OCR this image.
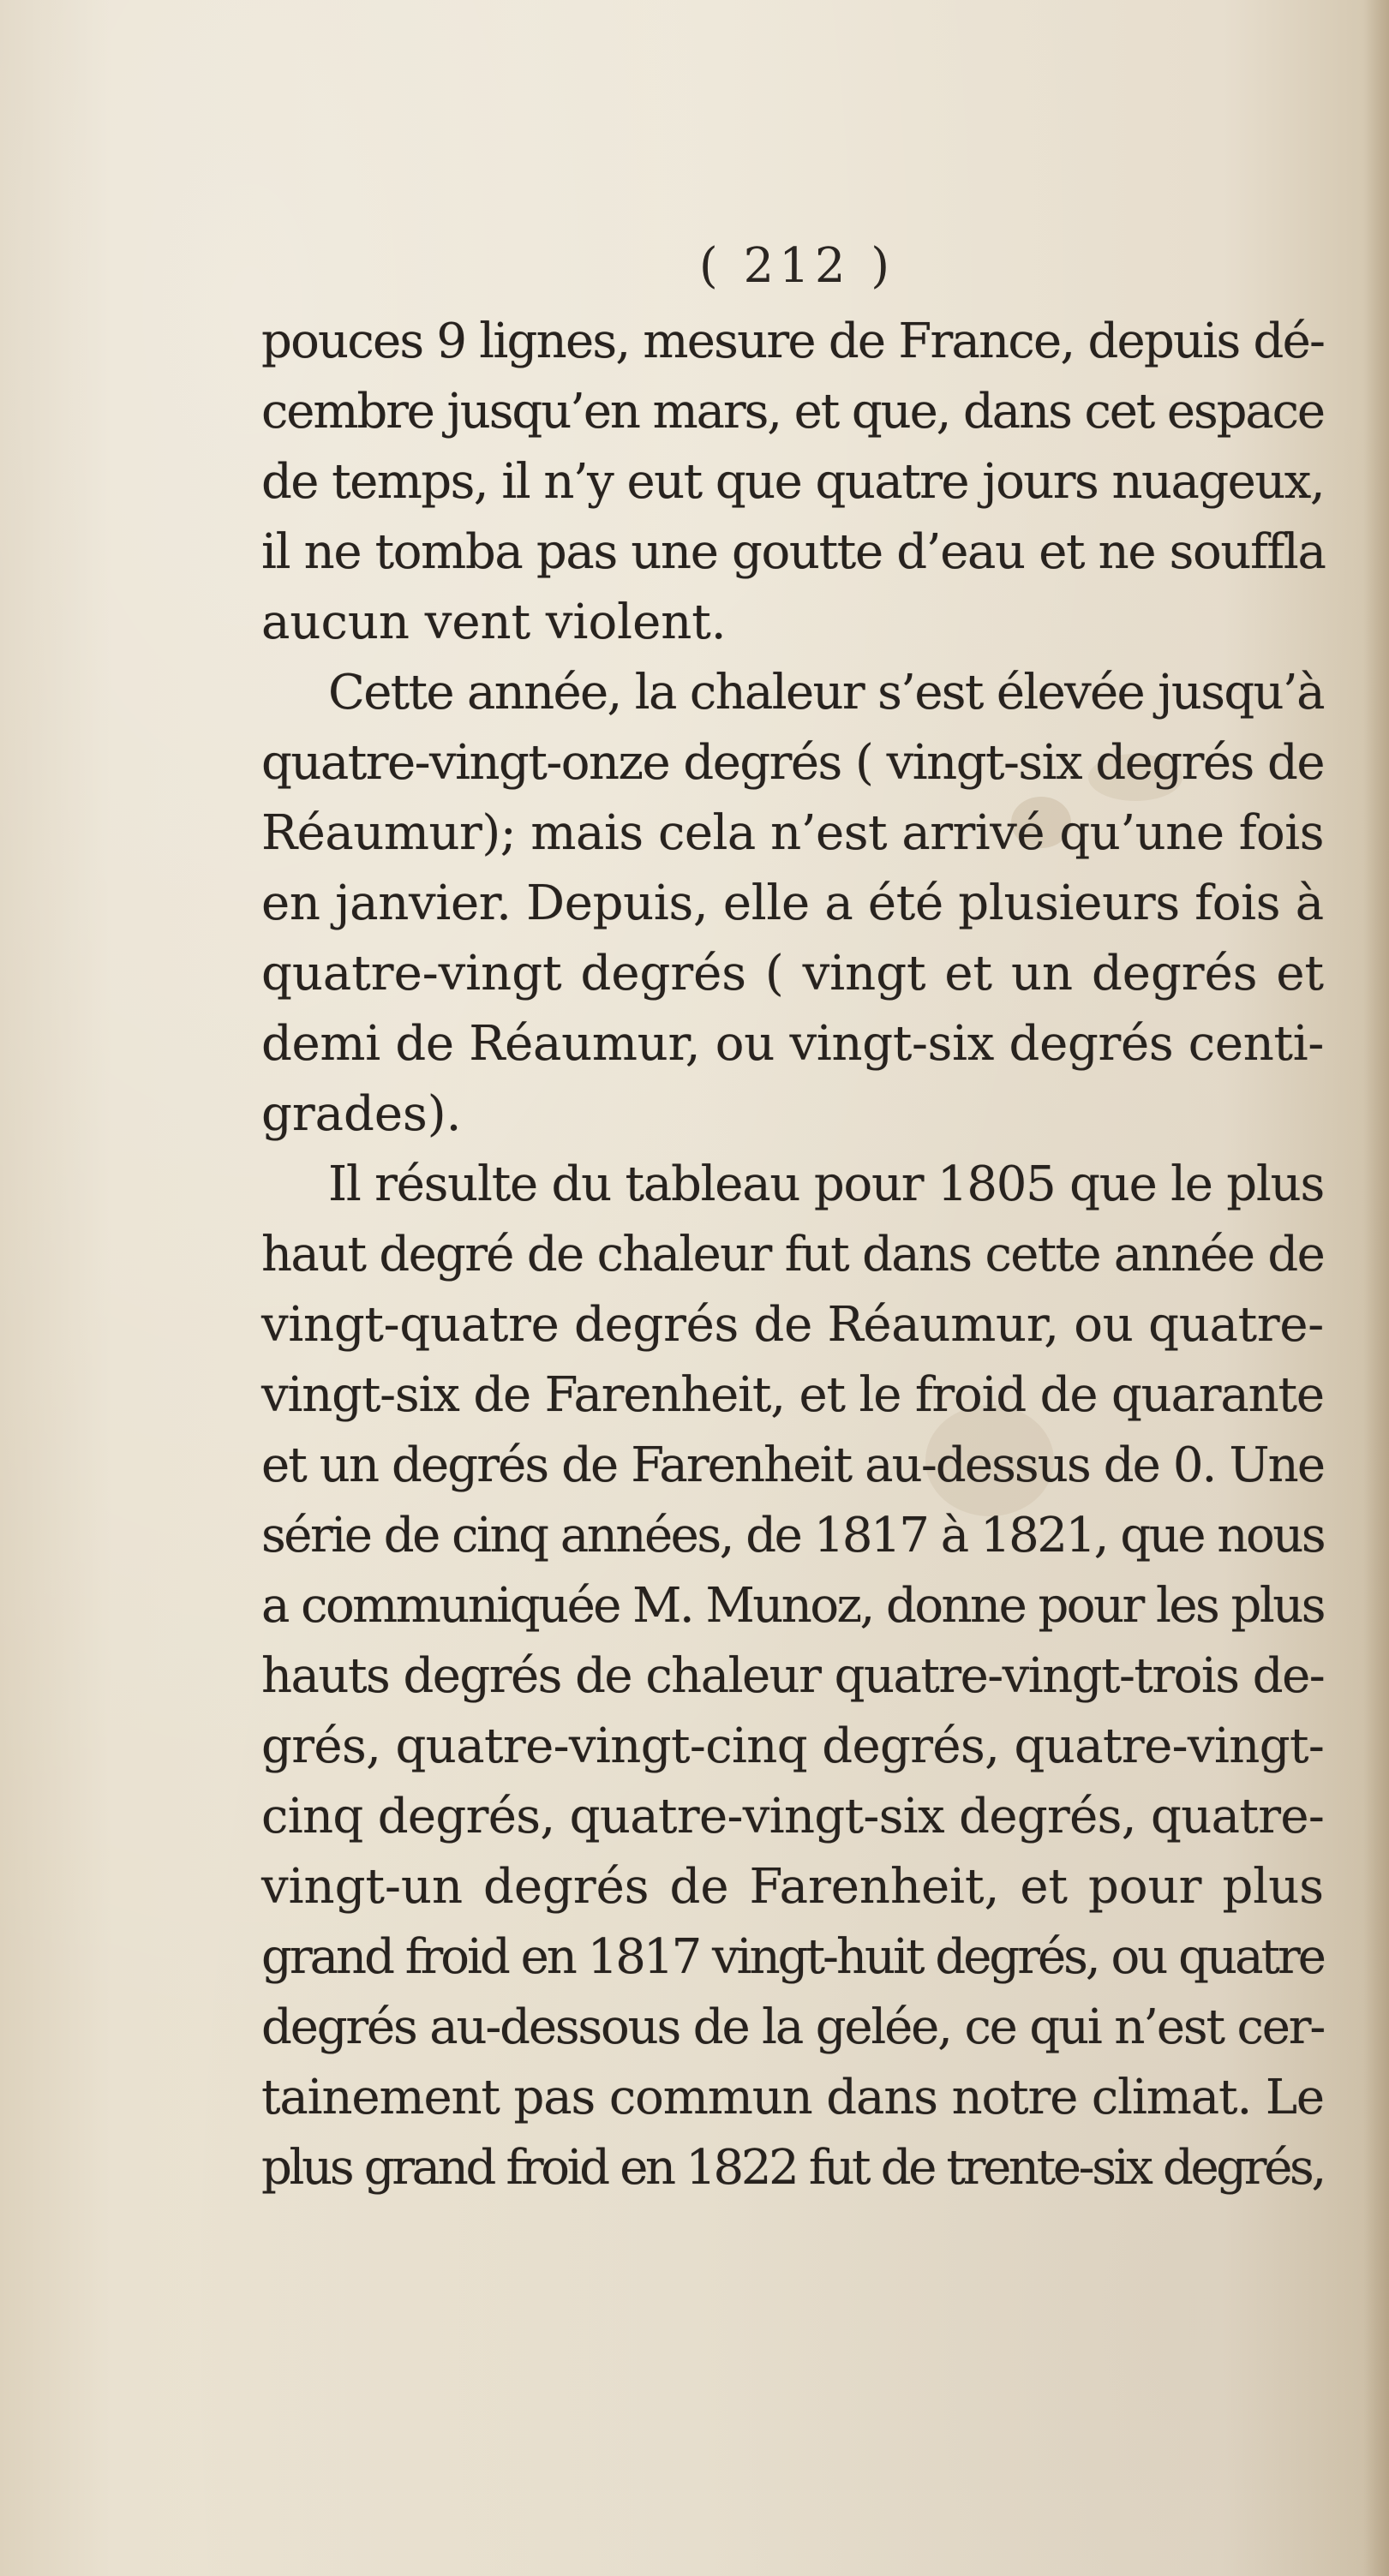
( 212 )
pouces 9 lignes, mesure de France, depuis dé-
cembre jusqu’en mars, et que, dans cet espace
de temps, il n’y eut que quatre jours nuageux,
il ne tomba pas une goutte d’eau et ne souffla
aucun vent violent.
Cette année, la chaleur s’est élevée jusqu’à
quatre-vingt-onze degrés ( vingt-six degrés de
Réaumur); mais cela n’est arrivé qu’une fois
en janvier. Depuis, elle a été plusieurs fois à
quatre-vingt degrés ( vingt et un degrés et
demi de Réaumur, ou vingt-six degrés centi-
grades).
Il résulte du tableau pour 1805 que le plus
haut degré de chaleur fut dans cette année de
vingt-quatre degrés de Réaumur, ou quatre-
vingt-six de Farenheit, et le froid de quarante
et un degrés de Farenheit au-dessus de 0. Une
série de cinq années, de 1817 à 1821, que nous
a communiquée M. Munoz, donne pour les plus
hauts degrés de chaleur quatre-vingt-trois de-
grés, quatre-vingt-cinq degrés, quatre-vingt-
cinq degrés, quatre-vingt-six degrés, quatre-
vingt-un degrés de Farenheit, et pour plus
grand froid en 1817 vingt-huit degrés, ou quatre
degrés au-dessous de la gelée, ce qui n’est cer-
tainement pas commun dans notre climat. Le
plus grand froid en 1822 fut de trente-six degrés,
